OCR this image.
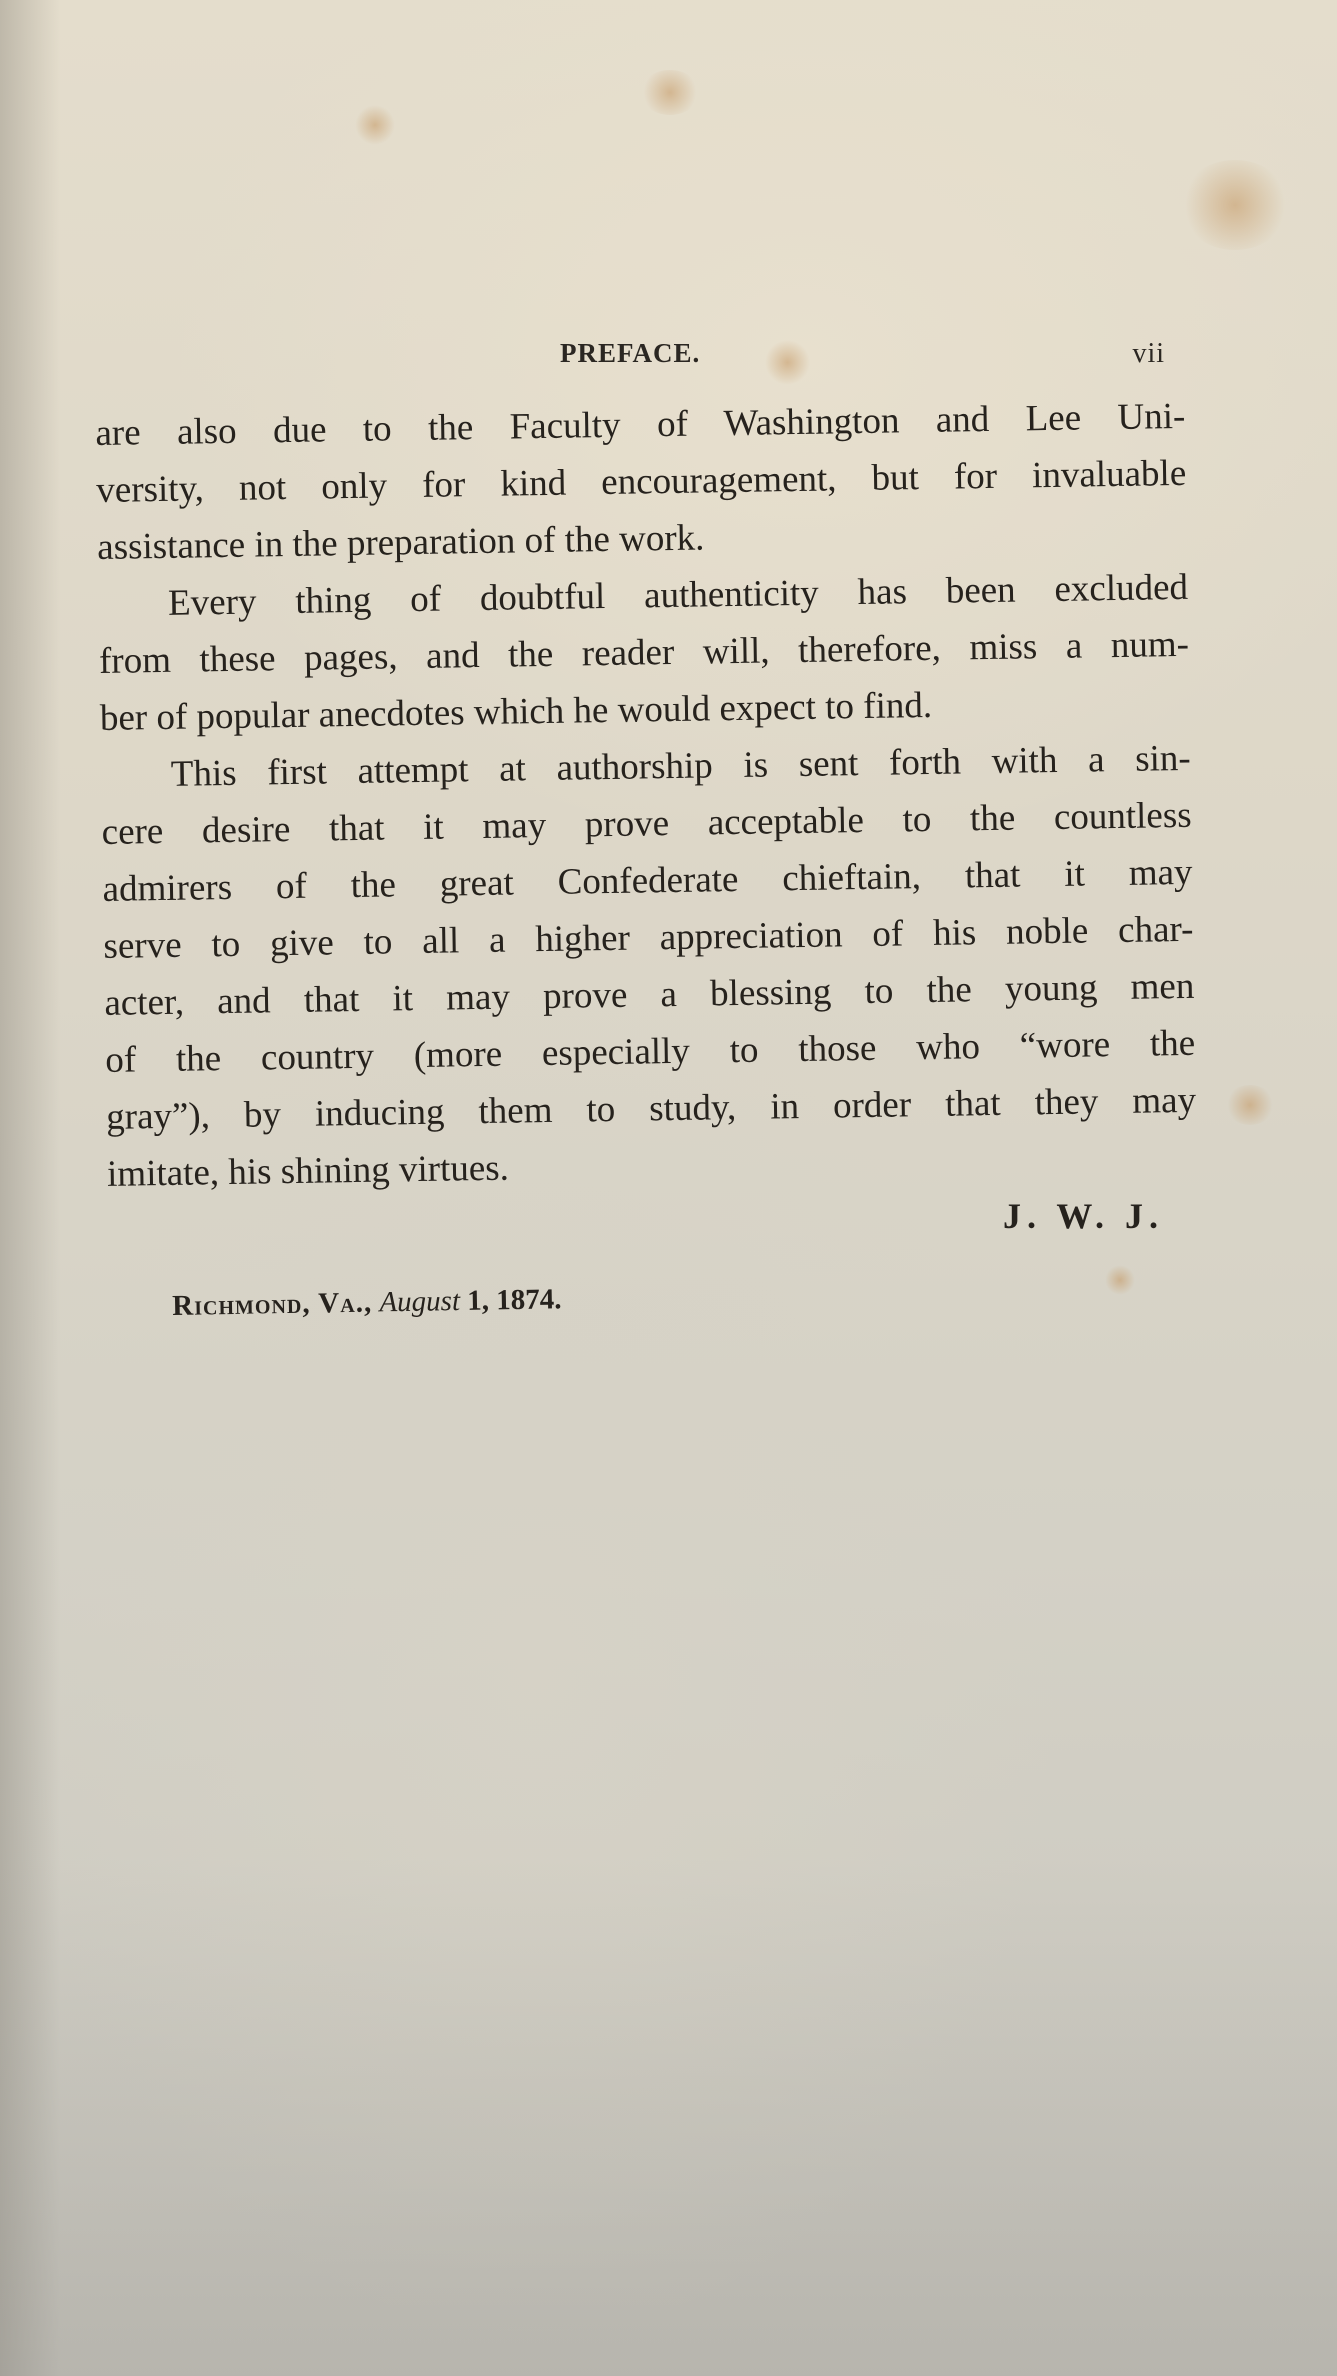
PREFACE.	vii
are also due to the Faculty of Washington and Lee Uni-
versity, not only for kind encouragement, but for invaluable
assistance in the preparation of the work.
Every thing of doubtful authenticity has been excluded
from these pages, and the reader will, therefore, miss a num-
ber of popular anecdotes which he would expect to find.
This first attempt at authorship is sent forth with a sin-
cere desire that it may prove acceptable to the countless
admirers of the great Confederate chieftain, that it may
serve to give to all a higher appreciation of his noble char-
acter, and that it may prove a blessing to the young men
of the country (more especially to those who “wore the
gray”), by inducing them to study, in order that they may
imitate, his shining virtues.
J. W. J.
Richmond, Va., August 1, 1874.
